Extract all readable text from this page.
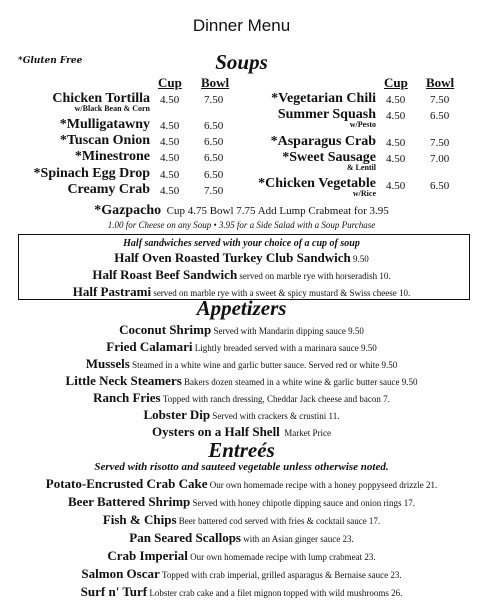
Dinner Menu
*Gluten Free	Soups
Cup Bowl	Cup Bowl
Chicken Tortilla
w/Black Bean & Corn
*Mulligatawny
*Tuscan Onion
*Minestrone
*Spinach Egg Drop
Creamy Crab
4.50 7.50
4.50 6.50
4.50 6.50
4.50 6.50
4.50 6.50
4.50 7.50
*Vegetarian Chili
Summer Squash
w/Pesto
*Asparagus Crab
*Sweet Sausage
& Lentil
*Chicken Vegetable
w/Rice
4.50 7.50
4.50 6.50
4.50 7.50
4.50 7.00
4.50 6.50
*Gazpacho Cup 4.75 Bowl 7.75 Add Lump Crabmeat for 3.95
1.00 for Cheese on any Soup • 3.95 for a Side Salad with a Soup Purchase
Half sandwiches served with your choice of a cup of soup
Half Oven Roasted Turkey Club Sandwich 9.50
Half Roast Beef Sandwich served on marble rye with horseradish 10.
Half Pastrami served on marble rye with a sweet & spicy mustard & Swiss cheese 10.
Appetizers
Coconut Shrimp Served with Mandarin dipping sauce 9.50
Fried Calamari Lightly breaded served with a marinara sauce 9.50
Mussels Steamed in a white wine and garlic butter sauce. Served red or white 9.50
Little Neck Steamers Bakers dozen steamed in a white wine & garlic butter sauce 9.50
Ranch Fries Topped with ranch dressing, Cheddar Jack cheese and bacon 7.
Lobster Dip Served with crackers & crustini 11.
Oysters on a Half Shell Market Price
Entreés
Served with risotto and sauteed vegetable unless otherwise noted.
Potato-Encrusted Crab Cake Our own homemade recipe with a honey poppyseed drizzle 21.
Beer Battered Shrimp Served with honey chipotle dipping sauce and onion rings 17.
Fish & Chips Beer battered cod served with fries & cocktail sauce 17.
Pan Seared Scallops with an Asian ginger sauce 23.
Crab Imperial Our own homemade recipe with lump crabmeat 23.
Salmon Oscar Topped with crab imperial, grilled asparagus & Bernaise sauce 23.
Surf n' Turf Lobster crab cake and a filet mignon topped with wild mushrooms 26.
